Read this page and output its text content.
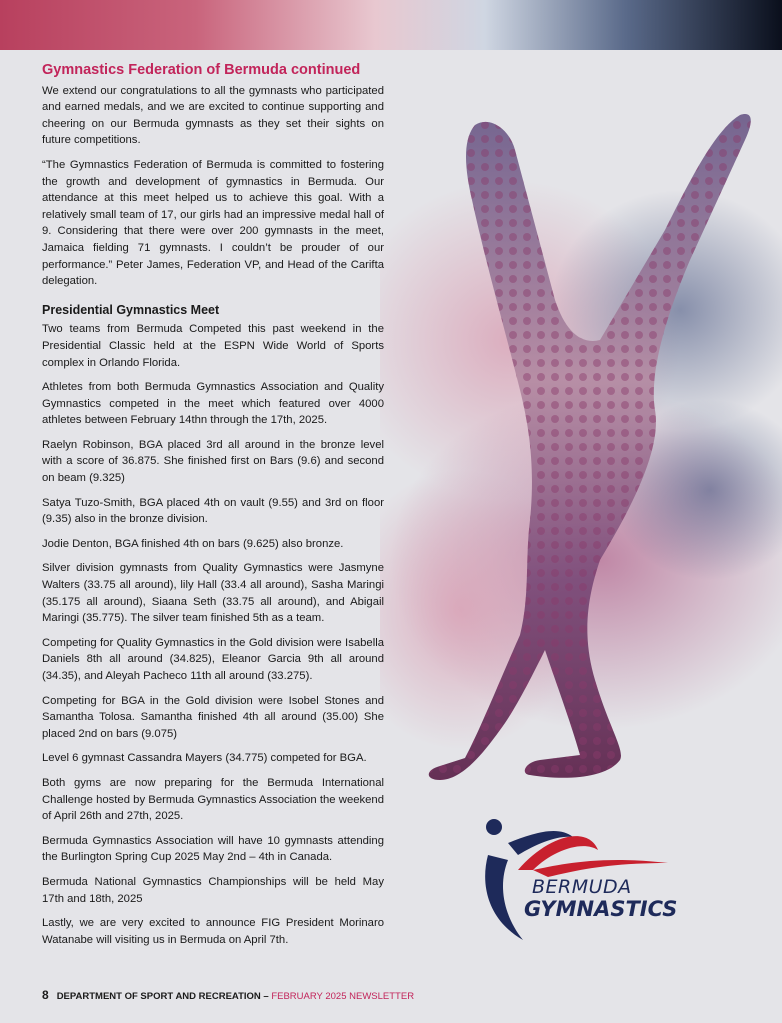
Gymnastics Federation of Bermuda continued
We extend our congratulations to all the gymnasts who participated and earned medals, and we are excited to continue supporting and cheering on our Bermuda gymnasts as they set their sights on future competitions.
“The Gymnastics Federation of Bermuda is committed to fostering the growth and development of gymnastics in Bermuda. Our attendance at this meet helped us to achieve this goal. With a relatively small team of 17, our girls had an impressive medal hall of 9. Considering that there were over 200 gymnasts in the meet, Jamaica fielding 71 gymnasts. I couldn’t be prouder of our performance.” Peter James, Federation VP, and Head of the Carifta delegation.
Presidential Gymnastics Meet
Two teams from Bermuda Competed this past weekend in the Presidential Classic held at the ESPN Wide World of Sports complex in Orlando Florida.
Athletes from both Bermuda Gymnastics Association and Quality Gymnastics competed in the meet which featured over 4000 athletes between February 14thn through the 17th, 2025.
Raelyn Robinson, BGA placed 3rd all around in the bronze level with a score of 36.875. She finished first on Bars (9.6) and second on beam (9.325)
Satya Tuzo-Smith, BGA placed 4th on vault (9.55) and 3rd on floor (9.35) also in the bronze division.
Jodie Denton, BGA finished 4th on bars (9.625) also bronze.
Silver division gymnasts from Quality Gymnastics were Jasmyne Walters (33.75 all around), lily Hall (33.4 all around), Sasha Maringi (35.175 all around), Siaana Seth (33.75 all around), and Abigail Maringi (35.775). The silver team finished 5th as a team.
Competing for Quality Gymnastics in the Gold division were Isabella Daniels 8th all around (34.825), Eleanor Garcia 9th all around (34.35), and Aleyah Pacheco 11th all around (33.275).
Competing for BGA in the Gold division were Isobel Stones and Samantha Tolosa. Samantha finished 4th all around (35.00) She placed 2nd on bars (9.075)
Level 6 gymnast Cassandra Mayers (34.775) competed for BGA.
Both gyms are now preparing for the Bermuda International Challenge hosted by Bermuda Gymnastics Association the weekend of April 26th and 27th, 2025.
Bermuda Gymnastics Association will have 10 gymnasts attending the Burlington Spring Cup 2025 May 2nd – 4th in Canada.
Bermuda National Gymnastics Championships will be held May 17th and 18th, 2025
Lastly, we are very excited to announce FIG President Morinaro Watanabe will visiting us in Bermuda on April 7th.
BERMUDA
GYMNASTICS
8 DEPARTMENT OF SPORT AND RECREATION – FEBRUARY 2025 NEWSLETTER
